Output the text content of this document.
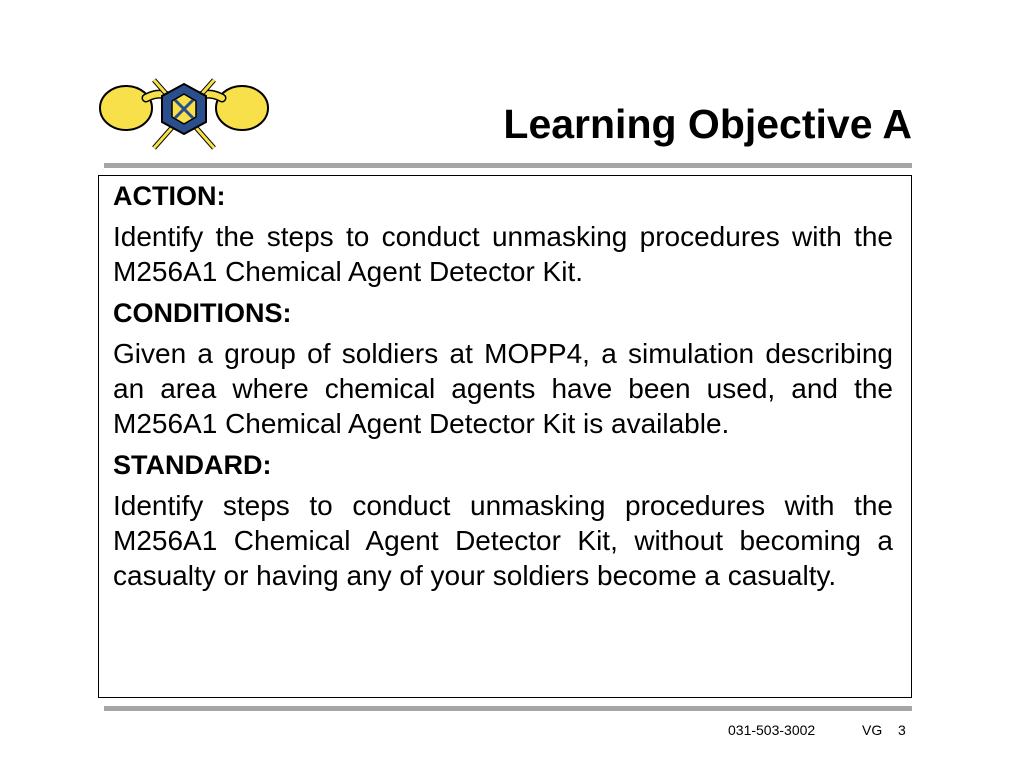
Learning Objective A
ACTION:

Identify the steps to conduct unmasking procedures with the M256A1 Chemical Agent Detector Kit.

CONDITIONS:

Given a group of soldiers at MOPP4, a simulation describing an area where chemical agents have been used, and the M256A1 Chemical Agent Detector Kit is available.

STANDARD:

Identify steps to conduct unmasking procedures with the M256A1 Chemical Agent Detector Kit, without becoming a casualty or having any of your soldiers become a casualty.

031-503-3002	VG 3
